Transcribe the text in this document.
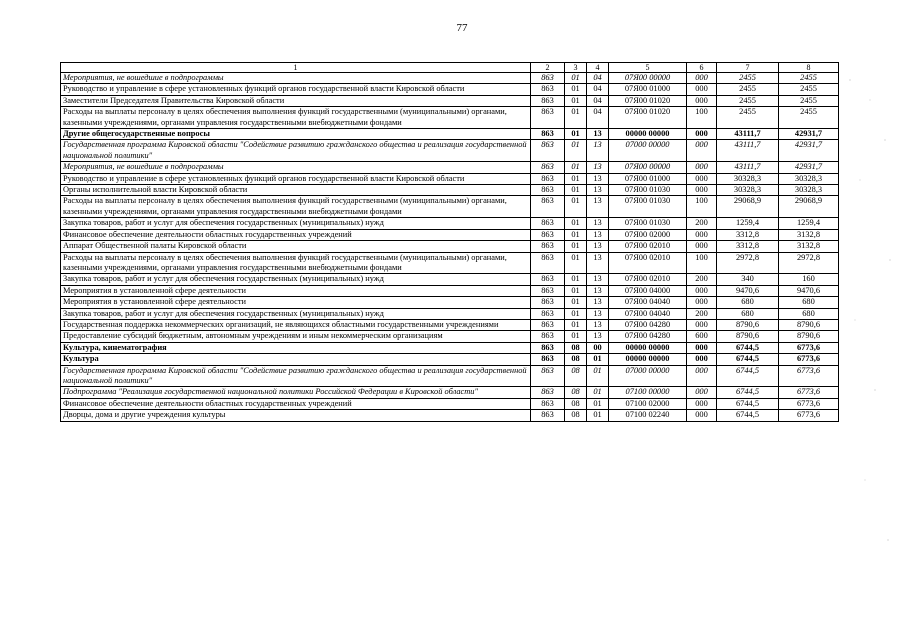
77
1	2	3	4	5	6	7	8
Мероприятия, не вошедшие в подпрограммы	863	01	04	07Я00 00000	000	2455	2455
Руководство и управление в сфере установленных функций органов государственной власти Кировской области	863	01	04	07Я00 01000	000	2455	2455
Заместители Председателя Правительства Кировской области	863	01	04	07Я00 01020	000	2455	2455
Расходы на выплаты персоналу в целях обеспечения выполнения функций государственными (муниципальными) органами, казенными учреждениями, органами управления государственными внебюджетными фондами	863	01	04	07Я00 01020	100	2455	2455
Другие общегосударственные вопросы	863	01	13	00000 00000	000	43111,7	42931,7
Государственная программа Кировской области "Содействие развитию гражданского общества и реализация государственной национальной политики"	863	01	13	07000 00000	000	43111,7	42931,7
Мероприятия, не вошедшие в подпрограммы	863	01	13	07Я00 00000	000	43111,7	42931,7
Руководство и управление в сфере установленных функций органов государственной власти Кировской области	863	01	13	07Я00 01000	000	30328,3	30328,3
Органы исполнительной власти Кировской области	863	01	13	07Я00 01030	000	30328,3	30328,3
Расходы на выплаты персоналу в целях обеспечения выполнения функций государственными (муниципальными) органами, казенными учреждениями, органами управления государственными внебюджетными фондами	863	01	13	07Я00 01030	100	29068,9	29068,9
Закупка товаров, работ и услуг для обеспечения государственных (муниципальных) нужд	863	01	13	07Я00 01030	200	1259,4	1259,4
Финансовое обеспечение деятельности областных государственных учреждений	863	01	13	07Я00 02000	000	3312,8	3132,8
Аппарат Общественной палаты Кировской области	863	01	13	07Я00 02010	000	3312,8	3132,8
Расходы на выплаты персоналу в целях обеспечения выполнения функций государственными (муниципальными) органами, казенными учреждениями, органами управления государственными внебюджетными фондами	863	01	13	07Я00 02010	100	2972,8	2972,8
Закупка товаров, работ и услуг для обеспечения государственных (муниципальных) нужд	863	01	13	07Я00 02010	200	340	160
Мероприятия в установленной сфере деятельности	863	01	13	07Я00 04000	000	9470,6	9470,6
Мероприятия в установленной сфере деятельности	863	01	13	07Я00 04040	000	680	680
Закупка товаров, работ и услуг для обеспечения государственных (муниципальных) нужд	863	01	13	07Я00 04040	200	680	680
Государственная поддержка некоммерческих организаций, не являющихся областными государственными учреждениями	863	01	13	07Я00 04280	000	8790,6	8790,6
Предоставление субсидий бюджетным, автономным учреждениям и иным некоммерческим организациям	863	01	13	07Я00 04280	600	8790,6	8790,6
Культура, кинематография	863	08	00	00000 00000	000	6744,5	6773,6
Культура	863	08	01	00000 00000	000	6744,5	6773,6
Государственная программа Кировской области "Содействие развитию гражданского общества и реализация государственной национальной политики"	863	08	01	07000 00000	000	6744,5	6773,6
Подпрограмма "Реализация государственной национальной политики Российской Федерации в Кировской области"	863	08	01	07100 00000	000	6744,5	6773,6
Финансовое обеспечение деятельности областных государственных учреждений	863	08	01	07100 02000	000	6744,5	6773,6
Дворцы, дома и другие учреждения культуры	863	08	01	07100 02240	000	6744,5	6773,6
